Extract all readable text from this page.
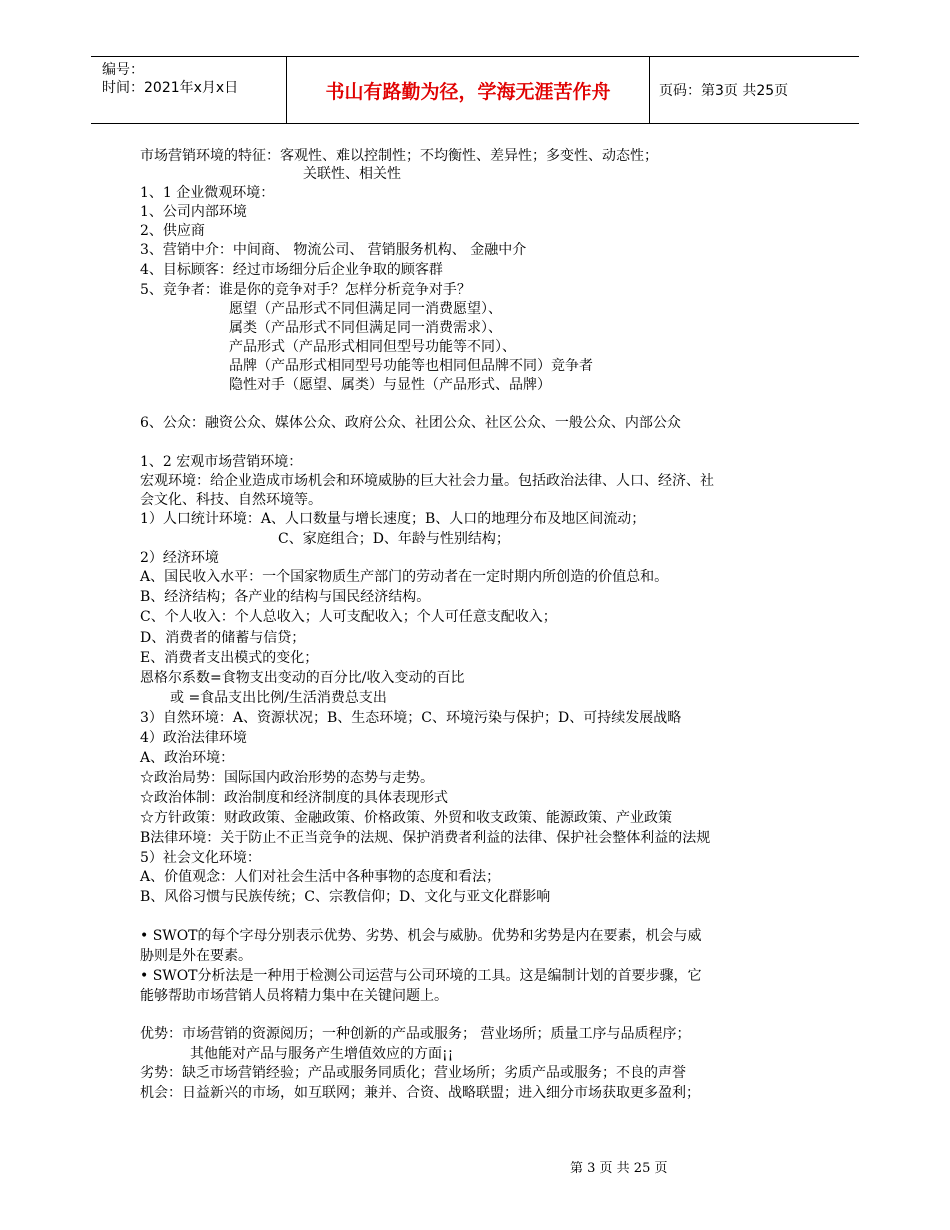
编号：
时间：2021年x月x日	书山有路勤为径，学海无涯苦作舟	页码：第3页 共25页
市场营销环境的特征：客观性、难以控制性；不均衡性、差异性；多变性、动态性；
关联性、相关性
1、1 企业微观环境：
1、公司内部环境
2、供应商
3、营销中介：中间商、 物流公司、 营销服务机构、 金融中介
4、目标顾客：经过市场细分后企业争取的顾客群
5、竞争者：谁是你的竞争对手？怎样分析竞争对手？
愿望（产品形式不同但满足同一消费愿望）、
属类（产品形式不同但满足同一消费需求）、
产品形式（产品形式相同但型号功能等不同）、
品牌（产品形式相同型号功能等也相同但品牌不同）竞争者
隐性对手（愿望、属类）与显性（产品形式、品牌）
6、公众：融资公众、媒体公众、政府公众、社团公众、社区公众、一般公众、内部公众
1、2 宏观市场营销环境：
宏观环境：给企业造成市场机会和环境威胁的巨大社会力量。包括政治法律、人口、经济、社
会文化、科技、自然环境等。
1）人口统计环境：A、人口数量与增长速度；B、人口的地理分布及地区间流动；
C、家庭组合；D、年龄与性别结构；
2）经济环境
A、国民收入水平：一个国家物质生产部门的劳动者在一定时期内所创造的价值总和。
B、经济结构；各产业的结构与国民经济结构。
C、个人收入：个人总收入；人可支配收入；个人可任意支配收入；
D、消费者的储蓄与信贷；
E、消费者支出模式的变化；
恩格尔系数=食物支出变动的百分比/收入变动的百比
或 =食品支出比例/生活消费总支出
3）自然环境：A、资源状况；B、生态环境；C、环境污染与保护；D、可持续发展战略
4）政治法律环境
A、政治环境：
☆政治局势：国际国内政治形势的态势与走势。
☆政治体制：政治制度和经济制度的具体表现形式
☆方针政策：财政政策、金融政策、价格政策、外贸和收支政策、能源政策、产业政策
B法律环境：关于防止不正当竞争的法规、保护消费者利益的法律、保护社会整体利益的法规
5）社会文化环境：
A、价值观念：人们对社会生活中各种事物的态度和看法；
B、风俗习惯与民族传统；C、宗教信仰；D、文化与亚文化群影响
• SWOT的每个字母分别表示优势、劣势、机会与威胁。优势和劣势是内在要素，机会与威
胁则是外在要素。
• SWOT分析法是一种用于检测公司运营与公司环境的工具。这是编制计划的首要步骤，它
能够帮助市场营销人员将精力集中在关键问题上。
优势：市场营销的资源阅历；一种创新的产品或服务； 营业场所；质量工序与品质程序；
其他能对产品与服务产生增值效应的方面¡¡
劣势：缺乏市场营销经验；产品或服务同质化；营业场所；劣质产品或服务；不良的声誉
机会：日益新兴的市场，如互联网；兼并、合资、战略联盟；进入细分市场获取更多盈利；
第 3 页 共 25 页
